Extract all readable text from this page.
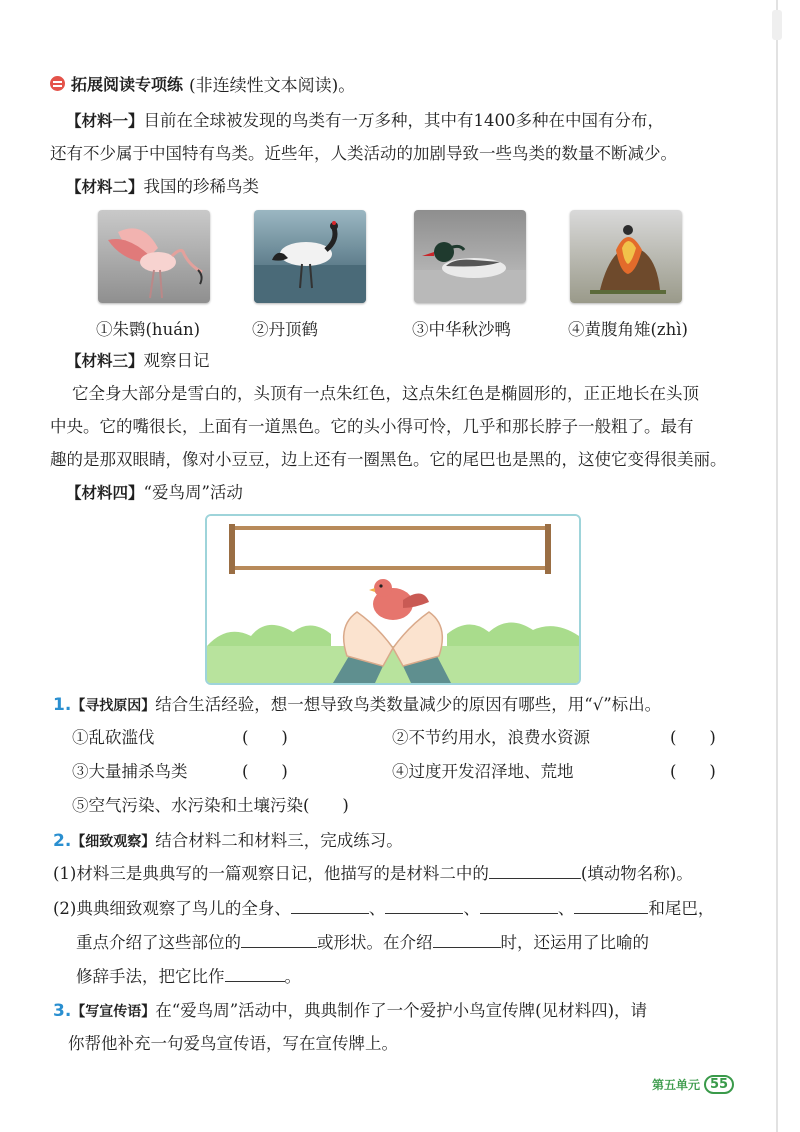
拓展阅读专项练 (非连续性文本阅读)。
【材料一】目前在全球被发现的鸟类有一万多种，其中有1400多种在中国有分布，
还有不少属于中国特有鸟类。近些年，人类活动的加剧导致一些鸟类的数量不断减少。
【材料二】我国的珍稀鸟类
①朱鹮(huán)	②丹顶鹤	③中华秋沙鸭	④黄腹角雉(zhì)
【材料三】观察日记
它全身大部分是雪白的，头顶有一点朱红色，这点朱红色是椭圆形的，正正地长在头顶
中央。它的嘴很长，上面有一道黑色。它的头小得可怜，几乎和那长脖子一般粗了。最有
趣的是那双眼睛，像对小豆豆，边上还有一圈黑色。它的尾巴也是黑的，这使它变得很美丽。
【材料四】“爱鸟周”活动
1.【寻找原因】结合生活经验，想一想导致鸟类数量减少的原因有哪些，用“√”标出。
①乱砍滥伐	(　　)	②不节约用水，浪费水资源	(　　)
③大量捕杀鸟类	(　　)	④过度开发沼泽地、荒地	(　　)
⑤空气污染、水污染和土壤污染(　　)
2.【细致观察】结合材料二和材料三，完成练习。
(1)材料三是典典写的一篇观察日记，他描写的是材料二中的	(填动物名称)。
(2)典典细致观察了鸟儿的全身、	、	、	、	和尾巴，
重点介绍了这些部位的	或形状。在介绍	时，还运用了比喻的
修辞手法，把它比作	。
3.【写宣传语】在“爱鸟周”活动中，典典制作了一个爱护小鸟宣传牌(见材料四)，请
你帮他补充一句爱鸟宣传语，写在宣传牌上。
第五单元 55
